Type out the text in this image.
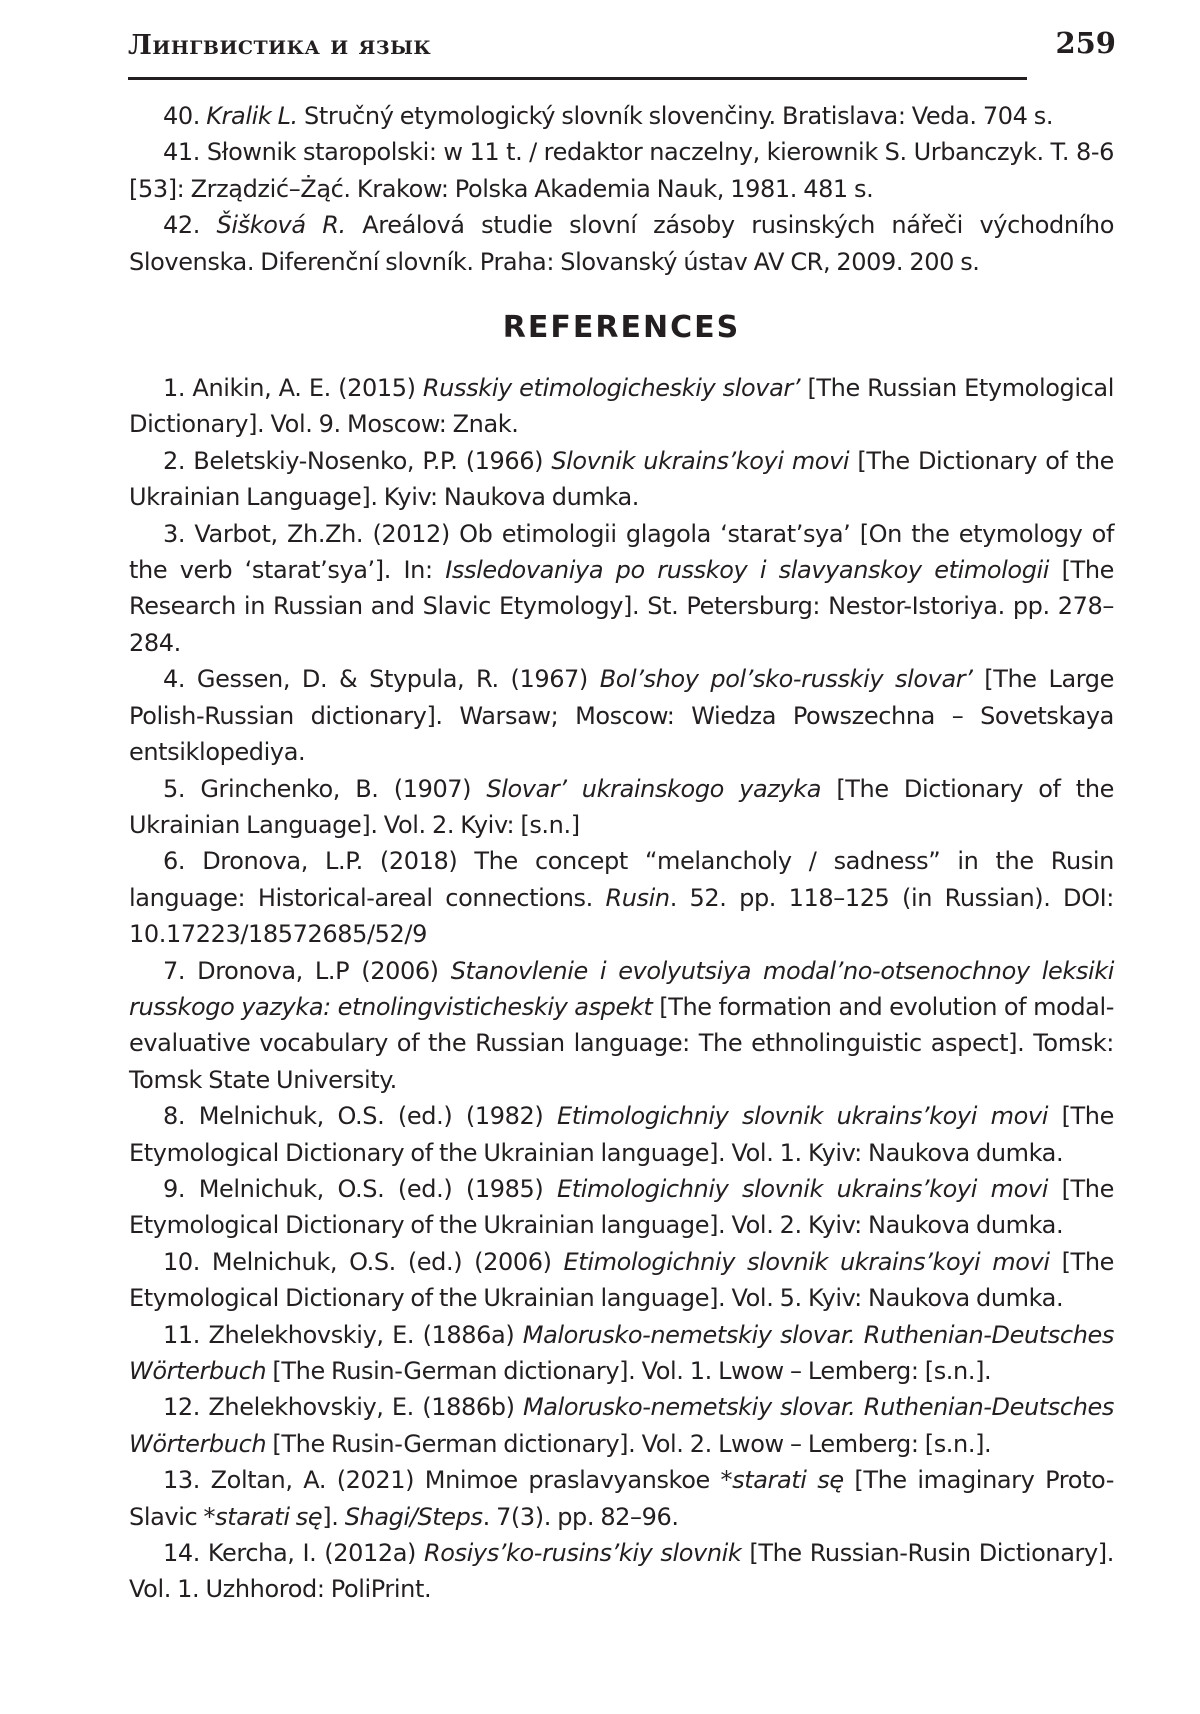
Лингвистика и язык	259

40. Kralik L. Stručný etymologický slovník slovenčiny. Bratislava: Veda. 704 s.

41. Słownik staropolski: w 11 t. / redaktor naczelny, kierownik S. Urbanczyk. T. 8-6 [53]: Zrządzić–Żąć. Krakow: Polska Akademia Nauk, 1981. 481 s.

42. Šišková R. Areálová studie slovní zásoby rusinských nářeči východního Slovenska. Diferenční slovník. Praha: Slovanský ústav AV CR, 2009. 200 s.

REFERENCES

1. Anikin, A. E. (2015) Russkiy etimologicheskiy slovar’ [The Russian Etymological Dictionary]. Vol. 9. Moscow: Znak.

2. Beletskiy-Nosenko, P.P. (1966) Slovnik ukrains’koyi movi [The Dictionary of the Ukrainian Language]. Kyiv: Naukova dumka.

3. Varbot, Zh.Zh. (2012) Ob etimologii glagola ‘starat’sya’ [On the etymology of the verb ‘starat’sya’]. In: Issledovaniya po russkoy i slavyanskoy etimologii [The Research in Russian and Slavic Etymology]. St. Petersburg: Nestor-Istoriya. pp. 278–284.

4. Gessen, D. & Stypula, R. (1967) Bol’shoy pol’sko-russkiy slovar’ [The Large Polish-Russian dictionary]. Warsaw; Moscow: Wiedza Powszechna – Sovetskaya entsiklopediya.

5. Grinchenko, B. (1907) Slovar’ ukrainskogo yazyka [The Dictionary of the Ukrainian Language]. Vol. 2. Kyiv: [s.n.]

6. Dronova, L.P. (2018) The concept “melancholy / sadness” in the Rusin language: Historical-areal connections. Rusin. 52. pp. 118–125 (in Russian). DOI: 10.17223/18572685/52/9

7. Dronova, L.P (2006) Stanovlenie i evolyutsiya modal’no-otsenochnoy leksiki russkogo yazyka: etnolingvisticheskiy aspekt [The formation and evolution of modal-evaluative vocabulary of the Russian language: The ethnolinguistic aspect]. Tomsk: Tomsk State University.

8. Melnichuk, O.S. (ed.) (1982) Etimologichniy slovnik ukrains’koyi movi [The Etymological Dictionary of the Ukrainian language]. Vol. 1. Kyiv: Naukova dumka.

9. Melnichuk, O.S. (ed.) (1985) Etimologichniy slovnik ukrains’koyi movi [The Etymological Dictionary of the Ukrainian language]. Vol. 2. Kyiv: Naukova dumka.

10. Melnichuk, O.S. (ed.) (2006) Etimologichniy slovnik ukrains’koyi movi [The Etymological Dictionary of the Ukrainian language]. Vol. 5. Kyiv: Naukova dumka.

11. Zhelekhovskiy, E. (1886a) Malorusko-nemetskiy slovar. Ruthenian-Deutsches Wörterbuch [The Rusin-German dictionary]. Vol. 1. Lwow – Lemberg: [s.n.].

12. Zhelekhovskiy, E. (1886b) Malorusko-nemetskiy slovar. Ruthenian-Deutsches Wörterbuch [The Rusin-German dictionary]. Vol. 2. Lwow – Lemberg: [s.n.].

13. Zoltan, A. (2021) Mnimoe praslavyanskoe *starati sę [The imaginary Proto-Slavic *starati sę]. Shagi/Steps. 7(3). pp. 82–96.

14. Kercha, I. (2012a) Rosiys’ko-rusins’kiy slovnik [The Russian-Rusin Dictionary]. Vol. 1. Uzhhorod: PoliPrint.
